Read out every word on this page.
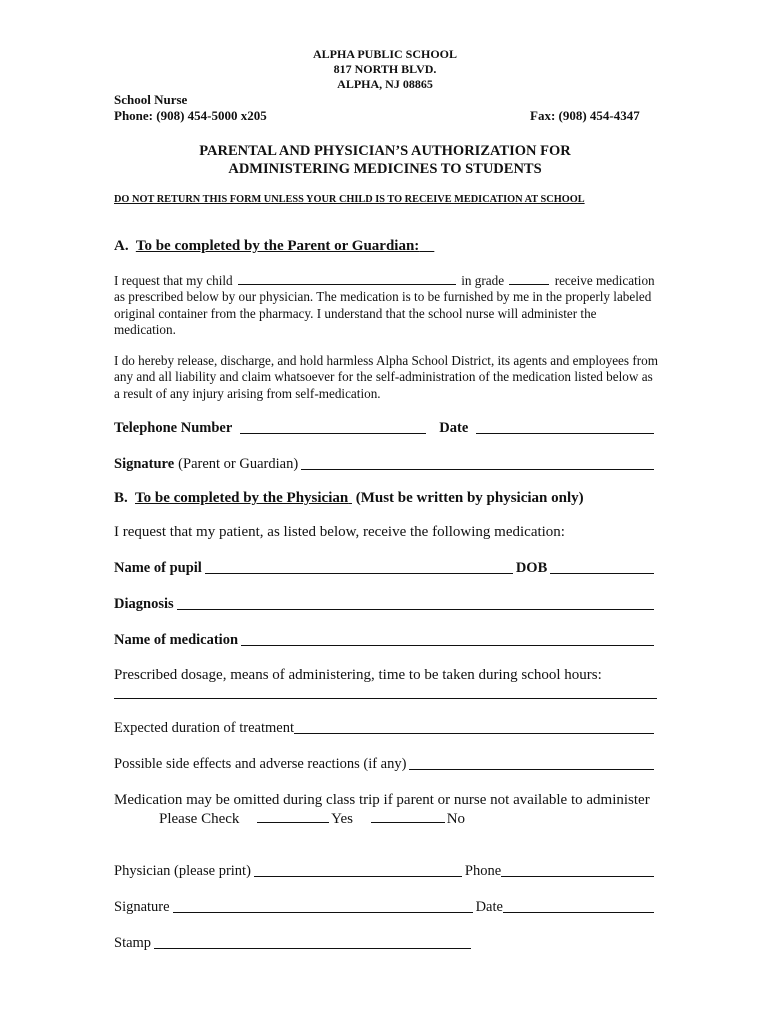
ALPHA PUBLIC SCHOOL
817 NORTH BLVD.
ALPHA, NJ 08865
School Nurse
Phone: (908) 454-5000 x205	Fax: (908) 454-4347
PARENTAL AND PHYSICIAN’S AUTHORIZATION FOR
ADMINISTERING MEDICINES TO STUDENTS
DO NOT RETURN THIS FORM UNLESS YOUR CHILD IS TO RECEIVE MEDICATION AT SCHOOL
A. To be completed by the Parent or Guardian:
I request that my child	in grade	receive medication as prescribed below by our physician. The medication is to be furnished by me in the properly labeled original container from the pharmacy. I understand that the school nurse will administer the medication.
I do hereby release, discharge, and hold harmless Alpha School District, its agents and employees from any and all liability and claim whatsoever for the self-administration of the medication listed below as a result of any injury arising from self-medication.
Telephone Number	Date
Signature (Parent or Guardian)
B. To be completed by the Physician (Must be written by physician only)
I request that my patient, as listed below, receive the following medication:
Name of pupil	DOB
Diagnosis
Name of medication
Prescribed dosage, means of administering, time to be taken during school hours:
Expected duration of treatment
Possible side effects and adverse reactions (if any)
Medication may be omitted during class trip if parent or nurse not available to administer
Please Check	Yes	No
Physician (please print)	Phone
Signature	Date
Stamp
